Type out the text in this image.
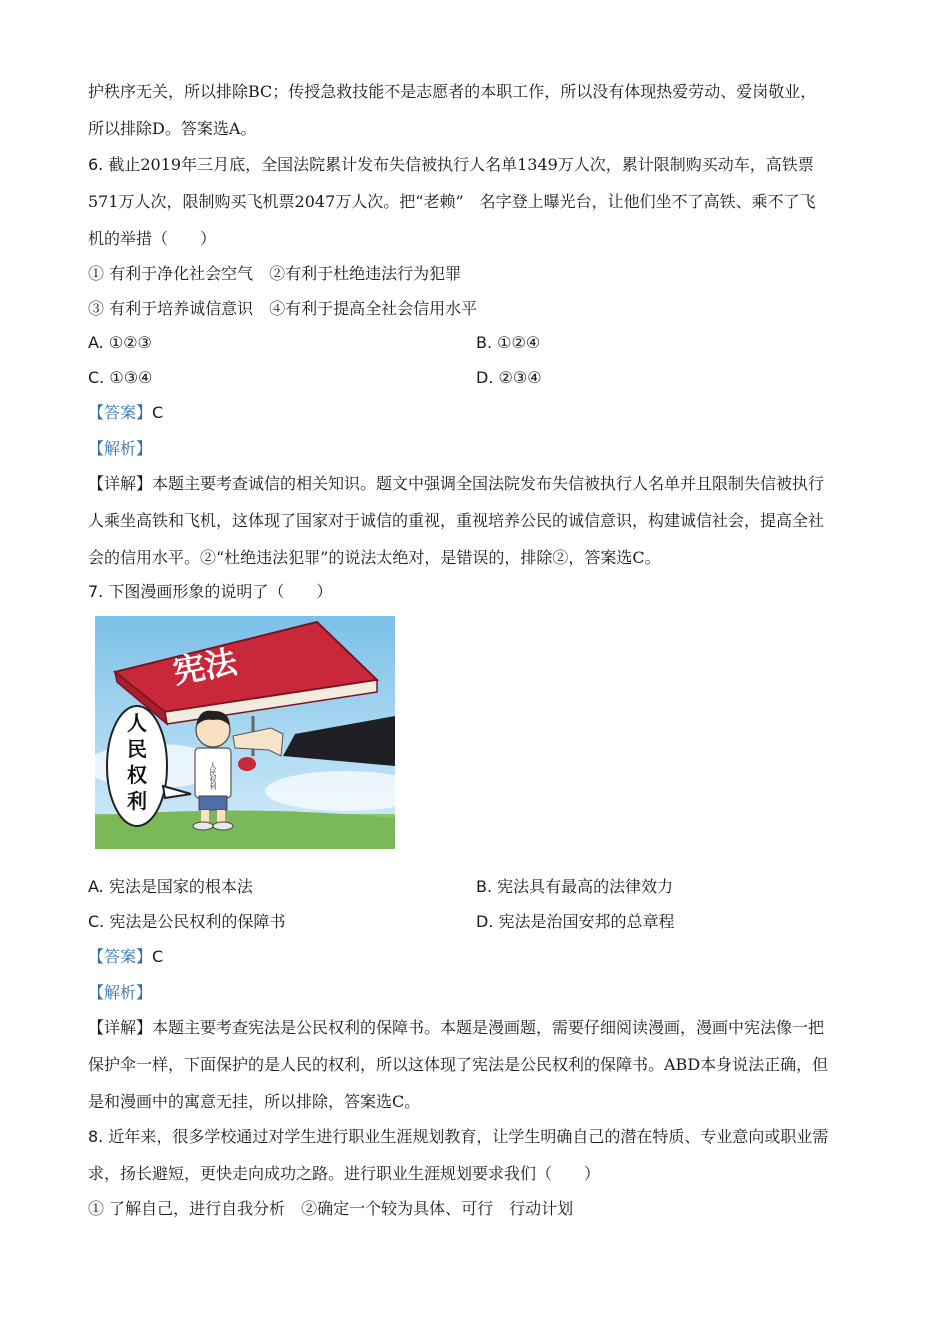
护秩序无关，所以排除BC；传授急救技能不是志愿者的本职工作，所以没有体现热爱劳动、爱岗敬业，
所以排除D。答案选A。
6. 截止2019年三月底，全国法院累计发布失信被执行人名单1349万人次，累计限制购买动车，高铁票
571万人次，限制购买飞机票2047万人次。把“老赖”　名字登上曝光台，让他们坐不了高铁、乘不了飞
机的举措（　　）
① 有利于净化社会空气　②有利于杜绝违法行为犯罪
③ 有利于培养诚信意识　④有利于提高全社会信用水平
A. ①②③	B. ①②④
C. ①③④	D. ②③④
【答案】C
【解析】
【详解】本题主要考查诚信的相关知识。题文中强调全国法院发布失信被执行人名单并且限制失信被执行
人乘坐高铁和飞机，这体现了国家对于诚信的重视，重视培养公民的诚信意识，构建诚信社会，提高全社
会的信用水平。②“杜绝违法犯罪”的说法太绝对，是错误的，排除②，答案选C。
7. 下图漫画形象的说明了（　　）
宪法
人民权利
人
民
权
利
A. 宪法是国家的根本法	B. 宪法具有最高的法律效力
C. 宪法是公民权利的保障书	D. 宪法是治国安邦的总章程
【答案】C
【解析】
【详解】本题主要考查宪法是公民权利的保障书。本题是漫画题，需要仔细阅读漫画，漫画中宪法像一把
保护伞一样，下面保护的是人民的权利，所以这体现了宪法是公民权利的保障书。ABD本身说法正确，但
是和漫画中的寓意无挂，所以排除，答案选C。
8. 近年来，很多学校通过对学生进行职业生涯规划教育，让学生明确自己的潜在特质、专业意向或职业需
求，扬长避短，更快走向成功之路。进行职业生涯规划要求我们（　　）
① 了解自己，进行自我分析　②确定一个较为具体、可行　行动计划
